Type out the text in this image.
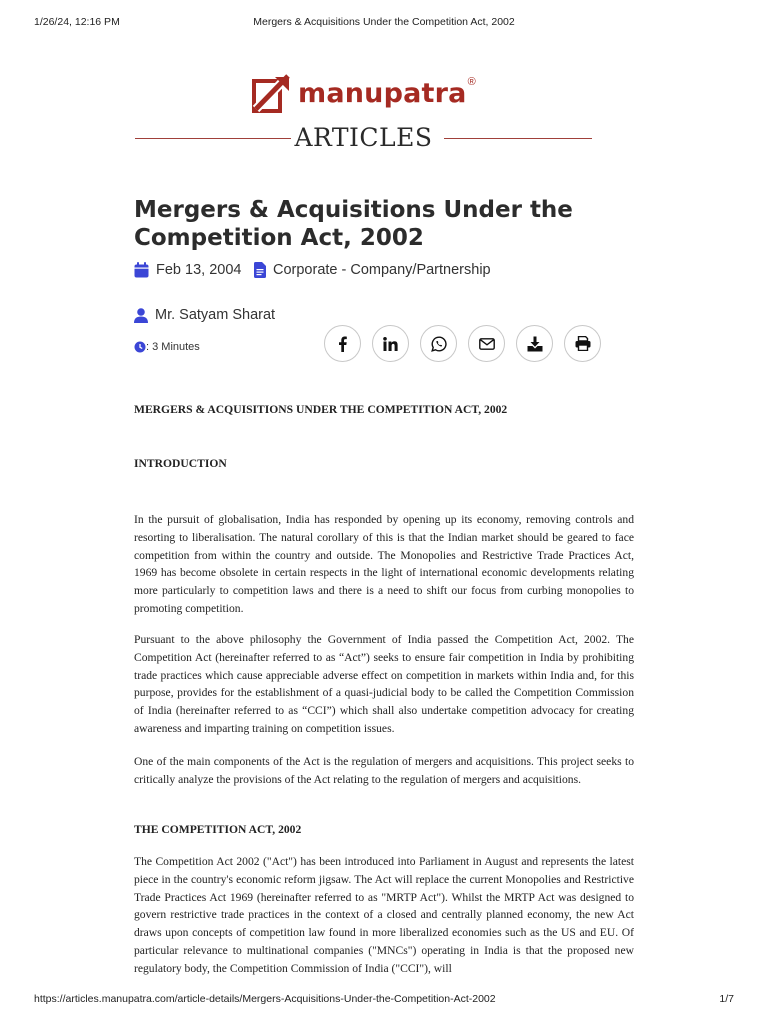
1/26/24, 12:16 PM	Mergers & Acquisitions Under the Competition Act, 2002
manupatra ®
ARTICLES
Mergers & Acquisitions Under the Competition Act, 2002
Feb 13, 2004 Corporate - Company/Partnership
Mr. Satyam Sharat
: 3 Minutes
MERGERS & ACQUISITIONS UNDER THE COMPETITION ACT, 2002
INTRODUCTION

In the pursuit of globalisation, India has responded by opening up its economy, removing controls and resorting to liberalisation. The natural corollary of this is that the Indian market should be geared to face competition from within the country and outside. The Monopolies and Restrictive Trade Practices Act, 1969 has become obsolete in certain respects in the light of international economic developments relating more particularly to competition laws and there is a need to shift our focus from curbing monopolies to promoting competition.

Pursuant to the above philosophy the Government of India passed the Competition Act, 2002. The Competition Act (hereinafter referred to as “Act”) seeks to ensure fair competition in India by prohibiting trade practices which cause appreciable adverse effect on competition in markets within India and, for this purpose, provides for the establishment of a quasi-judicial body to be called the Competition Commission of India (hereinafter referred to as “CCI”) which shall also undertake competition advocacy for creating awareness and imparting training on competition issues.

One of the main components of the Act is the regulation of mergers and acquisitions. This project seeks to critically analyze the provisions of the Act relating to the regulation of mergers and acquisitions.

THE COMPETITION ACT, 2002

The Competition Act 2002 ("Act") has been introduced into Parliament in August and represents the latest piece in the country's economic reform jigsaw. The Act will replace the current Monopolies and Restrictive Trade Practices Act 1969 (hereinafter referred to as "MRTP Act"). Whilst the MRTP Act was designed to govern restrictive trade practices in the context of a closed and centrally planned economy, the new Act draws upon concepts of competition law found in more liberalized economies such as the US and EU. Of particular relevance to multinational companies ("MNCs") operating in India is that the proposed new regulatory body, the Competition Commission of India ("CCI"), will

https://articles.manupatra.com/article-details/Mergers-Acquisitions-Under-the-Competition-Act-2002	1/7
